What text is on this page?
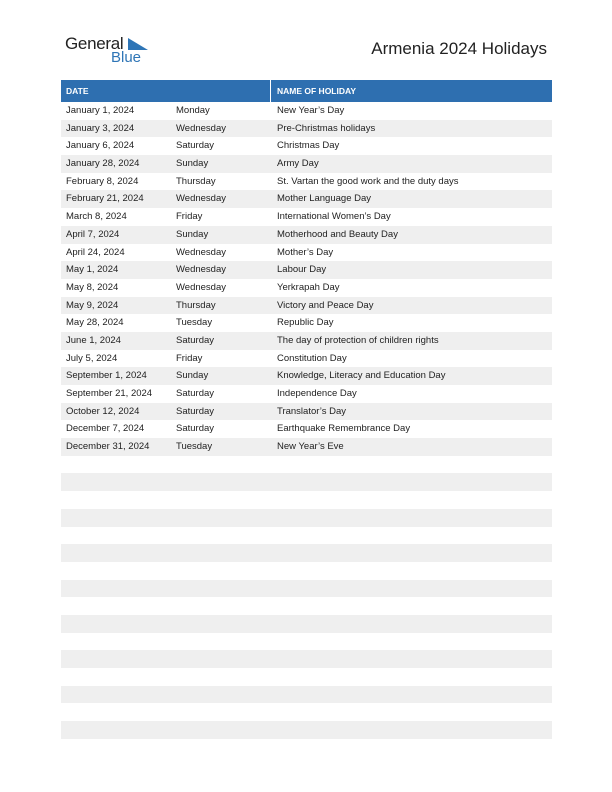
General
Blue	Armenia 2024 Holidays
DATE	NAME OF HOLIDAY
January 1, 2024	Monday	New Year’s Day
January 3, 2024	Wednesday	Pre-Christmas holidays
January 6, 2024	Saturday	Christmas Day
January 28, 2024	Sunday	Army Day
February 8, 2024	Thursday	St. Vartan the good work and the duty days
February 21, 2024	Wednesday	Mother Language Day
March 8, 2024	Friday	International Women’s Day
April 7, 2024	Sunday	Motherhood and Beauty Day
April 24, 2024	Wednesday	Mother’s Day
May 1, 2024	Wednesday	Labour Day
May 8, 2024	Wednesday	Yerkrapah Day
May 9, 2024	Thursday	Victory and Peace Day
May 28, 2024	Tuesday	Republic Day
June 1, 2024	Saturday	The day of protection of children rights
July 5, 2024	Friday	Constitution Day
September 1, 2024	Sunday	Knowledge, Literacy and Education Day
September 21, 2024	Saturday	Independence Day
October 12, 2024	Saturday	Translator’s Day
December 7, 2024	Saturday	Earthquake Remembrance Day
December 31, 2024	Tuesday	New Year’s Eve
